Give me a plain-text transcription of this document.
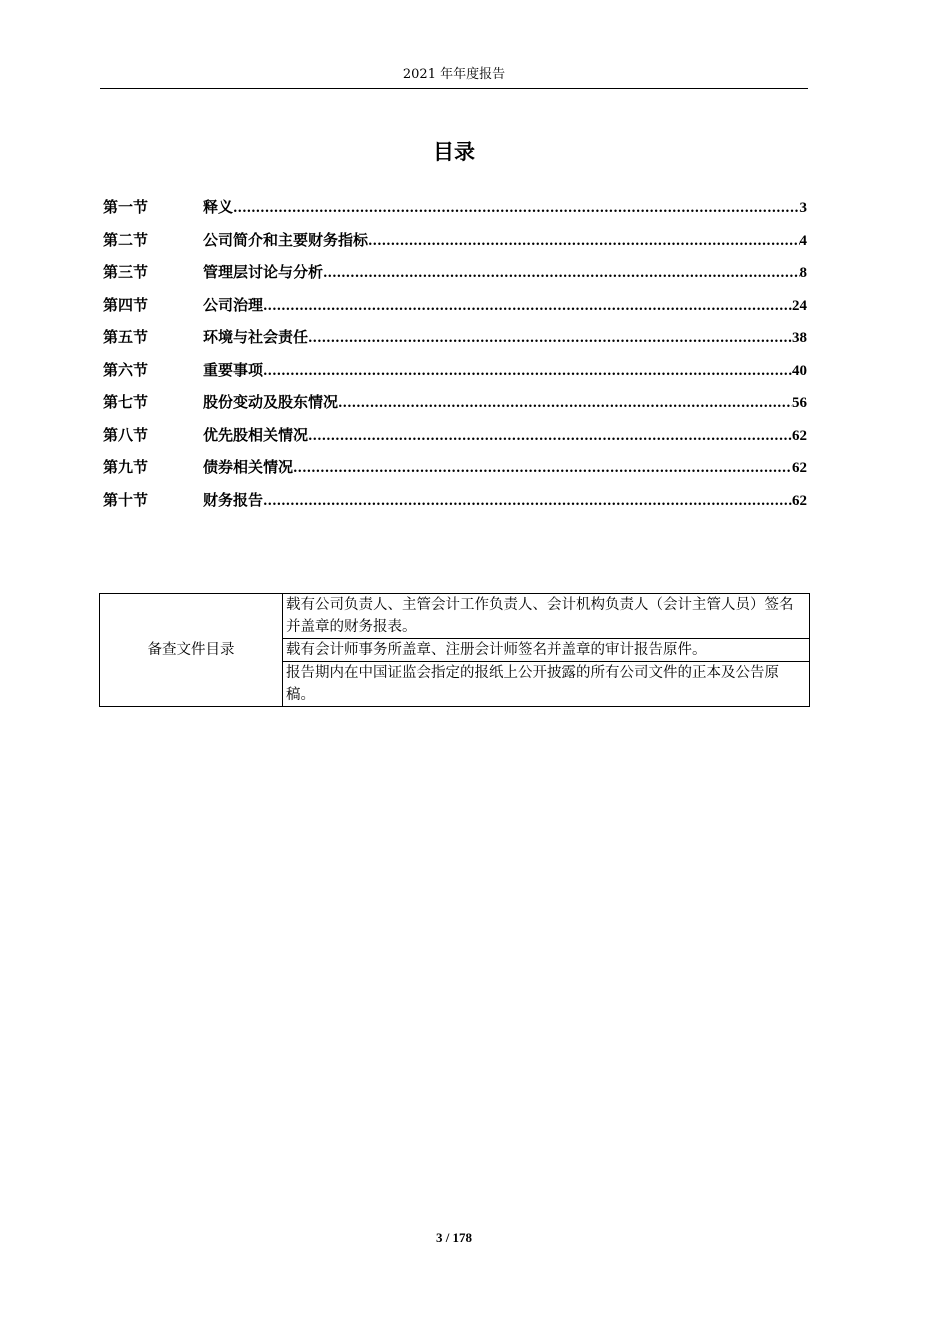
2021 年年度报告
目录
第一节	释义 .....	3
第二节	公司简介和主要财务指标 .....	4
第三节	管理层讨论与分析 .....	8
第四节	公司治理 .....	24
第五节	环境与社会责任 .....	38
第六节	重要事项 .....	40
第七节	股份变动及股东情况 .....	56
第八节	优先股相关情况 .....	62
第九节	债券相关情况 .....	62
第十节	财务报告 .....	62
备查文件目录	载有公司负责人、主管会计工作负责人、会计机构负责人（会计主管人员）签名并盖章的财务报表。
载有会计师事务所盖章、注册会计师签名并盖章的审计报告原件。
报告期内在中国证监会指定的报纸上公开披露的所有公司文件的正本及公告原稿。
3 / 178
